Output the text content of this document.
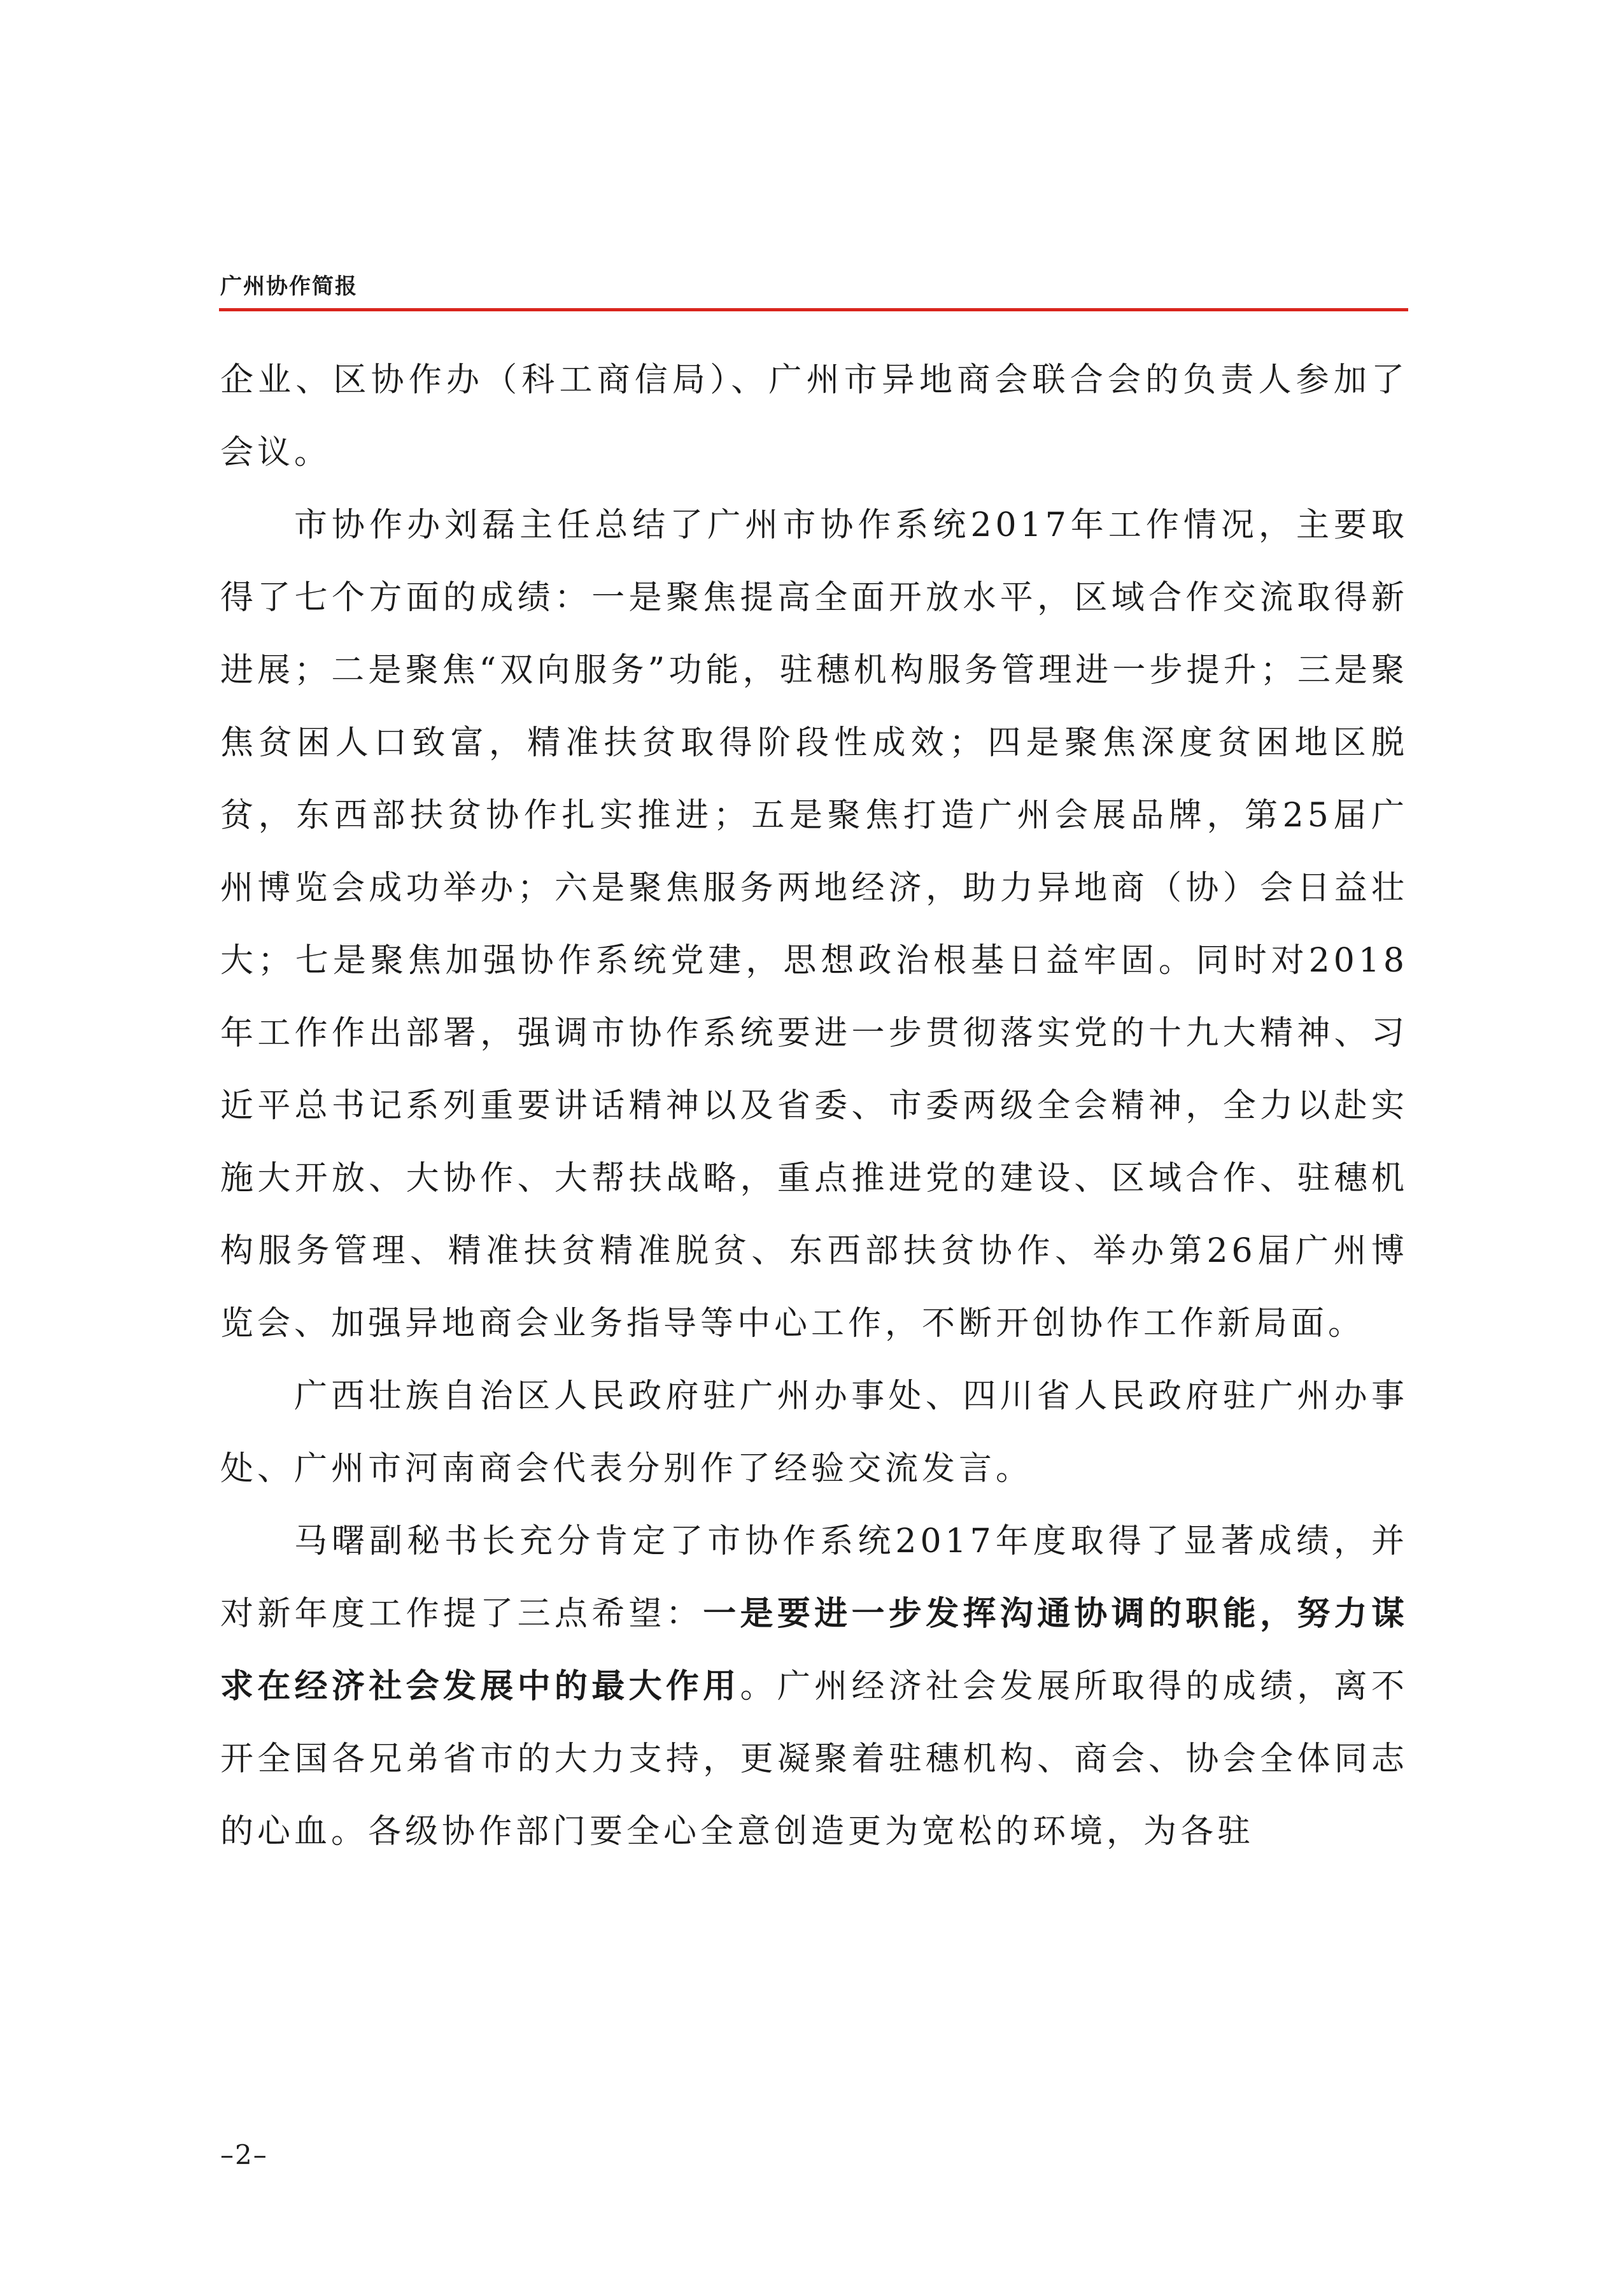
广州协作简报

企业、区协作办（科工商信局）、广州市异地商会联合会的负责人参加了会议。

市协作办刘磊主任总结了广州市协作系统2017年工作情况，主要取得了七个方面的成绩：一是聚焦提高全面开放水平，区域合作交流取得新进展；二是聚焦“双向服务”功能，驻穗机构服务管理进一步提升；三是聚焦贫困人口致富，精准扶贫取得阶段性成效；四是聚焦深度贫困地区脱贫，东西部扶贫协作扎实推进；五是聚焦打造广州会展品牌，第25届广州博览会成功举办；六是聚焦服务两地经济，助力异地商（协）会日益壮大；七是聚焦加强协作系统党建，思想政治根基日益牢固。同时对2018年工作作出部署，强调市协作系统要进一步贯彻落实党的十九大精神、习近平总书记系列重要讲话精神以及省委、市委两级全会精神，全力以赴实施大开放、大协作、大帮扶战略，重点推进党的建设、区域合作、驻穗机构服务管理、精准扶贫精准脱贫、东西部扶贫协作、举办第26届广州博览会、加强异地商会业务指导等中心工作，不断开创协作工作新局面。

广西壮族自治区人民政府驻广州办事处、四川省人民政府驻广州办事处、广州市河南商会代表分别作了经验交流发言。

马曙副秘书长充分肯定了市协作系统2017年度取得了显著成绩，并对新年度工作提了三点希望：一是要进一步发挥沟通协调的职能，努力谋求在经济社会发展中的最大作用。广州经济社会发展所取得的成绩，离不开全国各兄弟省市的大力支持，更凝聚着驻穗机构、商会、协会全体同志的心血。各级协作部门要全心全意创造更为宽松的环境，为各驻

–2–
